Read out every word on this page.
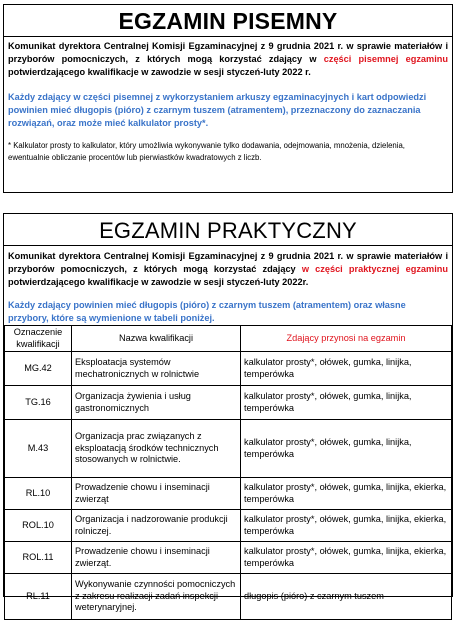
EGZAMIN PISEMNY
Komunikat dyrektora Centralnej Komisji Egzaminacyjnej z 9 grudnia 2021 r. w sprawie materiałów i przyborów pomocniczych, z których mogą korzystać zdający w części pisemnej egzaminu potwierdzającego kwalifikacje w zawodzie w sesji styczeń-luty 2022 r.
Każdy zdający w części pisemnej z wykorzystaniem arkuszy egzaminacyjnych i kart odpowiedzi powinien mieć długopis (pióro) z czarnym tuszem (atramentem), przeznaczony do zaznaczania rozwiązań, oraz może mieć kalkulator prosty*.
* Kalkulator prosty to kalkulator, który umożliwia wykonywanie tylko dodawania, odejmowania, mnożenia, dzielenia, ewentualnie obliczanie procentów lub pierwiastków kwadratowych z liczb.
EGZAMIN PRAKTYCZNY
Komunikat dyrektora Centralnej Komisji Egzaminacyjnej z 9 grudnia 2021 r. w sprawie materiałów i przyborów pomocniczych, z których mogą korzystać zdający w części praktycznej egzaminu potwierdzającego kwalifikacje w zawodzie w sesji styczeń-luty 2022r.
Każdy zdający powinien mieć długopis (pióro) z czarnym tuszem (atramentem) oraz własne przybory, które są wymienione w tabeli poniżej.
Oznaczenie kwalifikacji	Nazwa kwalifikacji	Zdający przynosi na egzamin
MG.42	Eksploatacja systemów mechatronicznych w rolnictwie	kalkulator prosty*, ołówek, gumka, linijka, temperówka
TG.16	Organizacja żywienia i usług gastronomicznych	kalkulator prosty*, ołówek, gumka, linijka, temperówka
M.43	Organizacja prac związanych z eksploatacją środków technicznych stosowanych w rolnictwie.	kalkulator prosty*, ołówek, gumka, linijka, temperówka
RL.10	Prowadzenie chowu i inseminacji zwierząt	kalkulator prosty*, ołówek, gumka, linijka, ekierka, temperówka
ROL.10	Organizacja i nadzorowanie produkcji rolniczej.	kalkulator prosty*, ołówek, gumka, linijka, ekierka, temperówka
ROL.11	Prowadzenie chowu i inseminacji zwierząt.	kalkulator prosty*, ołówek, gumka, linijka, ekierka, temperówka
RL.11	Wykonywanie czynności pomocniczych z zakresu realizacji zadań inspekcji weterynaryjnej.	długopis (pióro) z czarnym tuszem
